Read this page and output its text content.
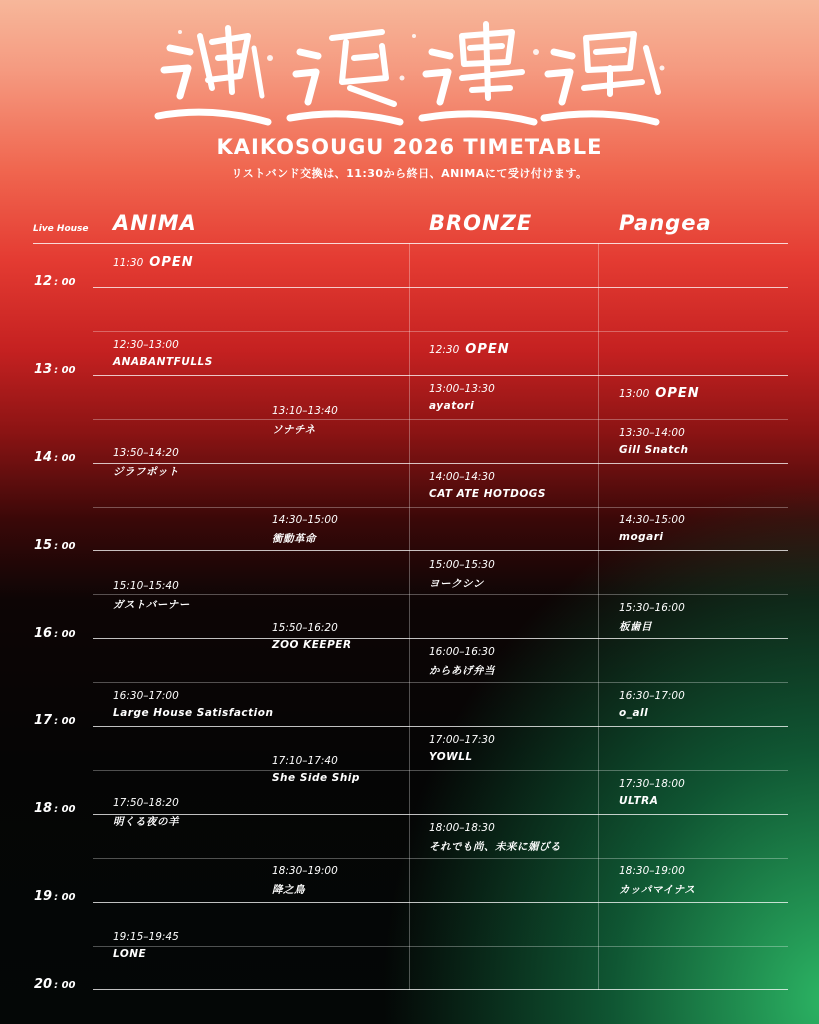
KAIKOSOUGU 2026 TIMETABLE
リストバンド交換は、11:30から終日、ANIMAにて受け付けます。
Live House ANIMA	BRONZE	Pangea
12 : 00
13 : 00
14 : 00
15 : 00
16 : 00
17 : 00
18 : 00
19 : 00
20 : 00
11:30 OPEN
12:30 OPEN
13:00 OPEN
12:30–13:00
ANABANTFULLS
13:10–13:40
ソナチネ
13:50–14:20
ジラフポット
14:30–15:00
衝動革命
15:10–15:40
ガストバーナー
15:50–16:20
ZOO KEEPER
16:30–17:00
Large House Satisfaction
17:10–17:40
She Side Ship
17:50–18:20
明くる夜の羊
18:30–19:00
降之鳥
19:15–19:45
LONE
13:00–13:30
ayatori
14:00–14:30
CAT ATE HOTDOGS
15:00–15:30
ヨークシン
16:00–16:30
からあげ弁当
17:00–17:30
YOWLL
18:00–18:30
それでも尚、未来に媚びる
13:30–14:00
Gill Snatch
14:30–15:00
mogari
15:30–16:00
板歯目
16:30–17:00
o_all
17:30–18:00
ULTRA
18:30–19:00
カッパマイナス
